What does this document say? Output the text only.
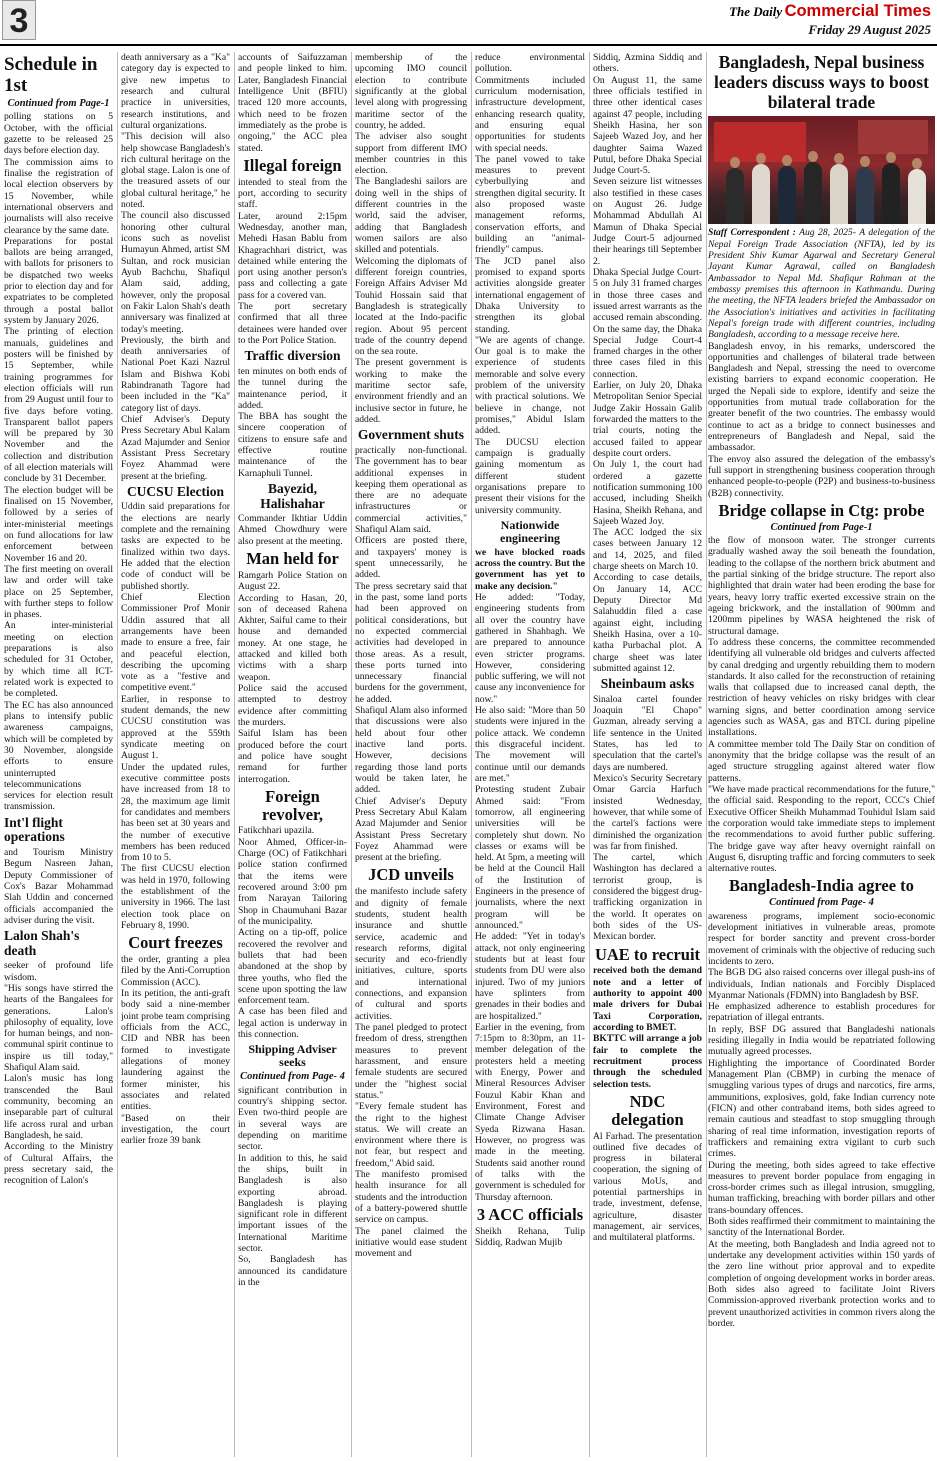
3	The Daily Commercial Times
Friday 29 August 2025
Schedule in 1st
Continued from Page-1

polling stations on 5 October, with the official gazette to be released 25 days before election day.

The commission aims to finalise the registration of local election observers by 15 November, while international observers and journalists will also receive clearance by the same date.

Preparations for postal ballots are being arranged, with ballots for prisoners to be dispatched two weeks prior to election day and for expatriates to be completed through a postal ballot system by January 2026.

The printing of election manuals, guidelines and posters will be finished by 15 September, while training programmes for election officials will run from 29 August until four to five days before voting. Transparent ballot papers will be prepared by 30 November and the collection and distribution of all election materials will conclude by 31 December.

The election budget will be finalised on 15 November, followed by a series of inter-ministerial meetings on fund allocations for law enforcement between November 16 and 20.

The first meeting on overall law and order will take place on 25 September, with further steps to follow in phases.

An inter-ministerial meeting on election preparations is also scheduled for 31 October, by which time all ICT-related work is expected to be completed.

The EC has also announced plans to intensify public awareness campaigns, which will be completed by 30 November, alongside efforts to ensure uninterrupted telecommunications services for election result transmission.

Int'l flight operations

and Tourism Ministry Begum Nasreen Jahan, Deputy Commissioner of Cox's Bazar Mohammad Slah Uddin and concerned officials accompanied the adviser during the visit.

Lalon Shah's death

seeker of profound life wisdom.

"His songs have stirred the hearts of the Bangalees for generations. Lalon's philosophy of equality, love for human beings, and non-communal spirit continue to inspire us till today," Shafiqul Alam said.

Lalon's music has long transcended the Baul community, becoming an inseparable part of cultural life across rural and urban Bangladesh, he said.

According to the Ministry of Cultural Affairs, the press secretary said, the recognition of Lalon's

death anniversary as a "Ka" category day is expected to give new impetus to research and cultural practice in universities, research institutions, and cultural organizations.

"This decision will also help showcase Bangladesh's rich cultural heritage on the global stage. Lalon is one of the treasured assets of our global cultural heritage," he noted.

The council also discussed honoring other cultural icons such as novelist Humayun Ahmed, artist SM Sultan, and rock musician Ayub Bachchu, Shafiqul Alam said, adding, however, only the proposal on Fakir Lalon Shah's death anniversary was finalized at today's meeting.

Previously, the birth and death anniversaries of National Poet Kazi Nazrul Islam and Bishwa Kobi Rabindranath Tagore had been included in the "Ka" category list of days.

Chief Adviser's Deputy Press Secretary Abul Kalam Azad Majumder and Senior Assistant Press Secretary Foyez Ahammad were present at the briefing.

CUCSU Election

Uddin said preparations for the elections are nearly complete and the remaining tasks are expected to be finalized within two days. He added that the election code of conduct will be published shortly.

Chief Election Commissioner Prof Monir Uddin assured that all arrangements have been made to ensure a free, fair and peaceful election, describing the upcoming vote as a "festive and competitive event."

Earlier, in response to student demands, the new CUCSU constitution was approved at the 559th syndicate meeting on August 1.

Under the updated rules, executive committee posts have increased from 18 to 28, the maximum age limit for candidates and members has been set at 30 years and the number of executive members has been reduced from 10 to 5.

The first CUCSU election was held in 1970, following the establishment of the university in 1966. The last election took place on February 8, 1990.

Court freezes

the order, granting a plea filed by the Anti-Corruption Commission (ACC).

In its petition, the anti-graft body said a nine-member joint probe team comprising officials from the ACC, CID and NBR has been formed to investigate allegations of money laundering against the former minister, his associates and related entities.

"Based on their investigation, the court earlier froze 39 bank

accounts of Saifuzzaman and people linked to him. Later, Bangladesh Financial Intelligence Unit (BFIU) traced 120 more accounts, which need to be frozen immediately as the probe is ongoing," the ACC plea stated.

Illegal foreign

intended to steal from the port, according to security staff.

Later, around 2:15pm Wednesday, another man, Mehedi Hasan Bablu from Khagrachhari district, was detained while entering the port using another person's pass and collecting a gate pass for a covered van.

The port secretary confirmed that all three detainees were handed over to the Port Police Station.

Traffic diversion

ten minutes on both ends of the tunnel during the maintenance period, it added.

The BBA has sought the sincere cooperation of citizens to ensure safe and effective routine maintenance of the Karnaphuli Tunnel.

Bayezid, Halishahar

Commander Ikhtiar Uddin Ahmed Chowdhury were also present at the meeting.

Man held for

Ramgarh Police Station on August 22.

According to Hasan, 20, son of deceased Rahena Akhter, Saiful came to their house and demanded money. At one stage, he attacked and killed both victims with a sharp weapon.

Police said the accused attempted to destroy evidence after committing the murders.

Saiful Islam has been produced before the court and police have sought remand for further interrogation.

Foreign revolver,

Fatikchhari upazila.

Noor Ahmed, Officer-in-Charge (OC) of Fatikchhari police station confirmed that the items were recovered around 3:00 pm from Narayan Tailoring Shop in Chaumuhani Bazar of the municipality.

Acting on a tip-off, police recovered the revolver and bullets that had been abandoned at the shop by three youths, who fled the scene upon spotting the law enforcement team.

A case has been filed and legal action is underway in this connection.

Shipping Adviser seeks
Continued from Page- 4

significant contribution in country's shipping sector. Even two-third people are in several ways are depending on maritime sector.

In addition to this, he said the ships, built in Bangladesh is also exporting abroad. Bangladesh is playing significant role in different important issues of the International Maritime sector.

So, Bangladesh has announced its candidature in the

membership of the upcoming IMO council election to contribute significantly at the global level along with progressing maritime sector of the country, he added.

The adviser also sought support from different IMO member countries in this election.

The Bangladeshi sailors are doing well in the ships of different countries in the world, said the adviser, adding that Bangladesh women sailors are also skilled and potentials.

Welcoming the diplomats of different foreign countries, Foreign Affairs Adviser Md Touhid Hossain said that Bangladesh is strategically located at the Indo-pacific region. About 95 percent trade of the country depend on the sea route.

The present government is working to make the maritime sector safe, environment friendly and an inclusive sector in future, he added.

Government shuts

practically non-functional. The government has to bear additional expenses in keeping them operational as there are no adequate infrastructures or commercial activities," Shafiqul Alam said.

Officers are posted there, and taxpayers' money is spent unnecessarily, he added.

The press secretary said that in the past, some land ports had been approved on political considerations, but no expected commercial activities had developed in those areas. As a result, these ports turned into unnecessary financial burdens for the government, he added.

Shafiqul Alam also informed that discussions were also held about four other inactive land ports. However, decisions regarding those land ports would be taken later, he added.

Chief Adviser's Deputy Press Secretary Abul Kalam Azad Majumder and Senior Assistant Press Secretary Foyez Ahammad were present at the briefing.

JCD unveils

the manifesto include safety and dignity of female students, student health insurance and shuttle service, academic and research reforms, digital security and eco-friendly initiatives, culture, sports and international connections, and expansion of cultural and sports activities.

The panel pledged to protect freedom of dress, strengthen measures to prevent harassment, and ensure female students are secured under the "highest social status."

"Every female student has the right to the highest status. We will create an environment where there is not fear, but respect and freedom," Abid said.

The manifesto promised health insurance for all students and the introduction of a battery-powered shuttle service on campus.

The panel claimed the initiative would ease student movement and

reduce environmental pollution.

Commitments included curriculum modernisation, infrastructure development, enhancing research quality, and ensuring equal opportunities for students with special needs.

The panel vowed to take measures to prevent cyberbullying and strengthen digital security. It also proposed waste management reforms, conservation efforts, and building an "animal-friendly" campus.

The JCD panel also promised to expand sports activities alongside greater international engagement of Dhaka University to strengthen its global standing.

"We are agents of change. Our goal is to make the experience of students memorable and solve every problem of the university with practical solutions. We believe in change, not promises," Abidul Islam added.

The DUCSU election campaign is gradually gaining momentum as different student organisations prepare to present their visions for the university community.

Nationwide engineering

we have blocked roads across the country. But the government has yet to make any decision."

He added: "Today, engineering students from all over the country have gathered in Shahbagh. We are prepared to announce even stricter programs. However, considering public suffering, we will not cause any inconvenience for now."

He also said: "More than 50 students were injured in the police attack. We condemn this disgraceful incident. The movement will continue until our demands are met."

Protesting student Zubair Ahmed said: "From tomorrow, all engineering universities will be completely shut down. No classes or exams will be held. At 5pm, a meeting will be held at the Council Hall of the Institution of Engineers in the presence of journalists, where the next program will be announced."

He added: "Yet in today's attack, not only engineering students but at least four students from DU were also injured. Two of my juniors have splinters from grenades in their bodies and are hospitalized."

Earlier in the evening, from 7:15pm to 8:30pm, an 11-member delegation of the protesters held a meeting with Energy, Power and Mineral Resources Adviser Fouzul Kabir Khan and Environment, Forest and Climate Change Adviser Syeda Rizwana Hasan. However, no progress was made in the meeting. Students said another round of talks with the government is scheduled for Thursday afternoon.

3 ACC officials

Sheikh Rehana, Tulip Siddiq, Radwan Mujib

Siddiq, Azmina Siddiq and others.

On August 11, the same three officials testified in three other identical cases against 47 people, including Sheikh Hasina, her son Sajeeb Wazed Joy, and her daughter Saima Wazed Putul, before Dhaka Special Judge Court-5.

Seven seizure list witnesses also testified in these cases on August 26. Judge Mohammad Abdullah Al Mamun of Dhaka Special Judge Court-5 adjourned their hearings till September 2.

Dhaka Special Judge Court-5 on July 31 framed charges in those three cases and issued arrest warrants as the accused remain absconding. On the same day, the Dhaka Special Judge Court-4 framed charges in the other three cases filed in this connection.

Earlier, on July 20, Dhaka Metropolitan Senior Special Judge Zakir Hossain Galib forwarded the matters to the trial courts, noting the accused failed to appear despite court orders.

On July 1, the court had ordered a gazette notification summoning 100 accused, including Sheikh Hasina, Sheikh Rehana, and Sajeeb Wazed Joy.

The ACC lodged the six cases between January 12 and 14, 2025, and filed charge sheets on March 10.

According to case details, On January 14, ACC Deputy Director Md Salahuddin filed a case against eight, including Sheikh Hasina, over a 10-katha Purbachal plot. A charge sheet was later submitted against 12.

Sheinbaum asks

Sinaloa cartel founder Joaquin "El Chapo" Guzman, already serving a life sentence in the United States, has led to speculation that the cartel's days are numbered.

Mexico's Security Secretary Omar Garcia Harfuch insisted Wednesday, however, that while some of the cartel's factions were diminished the organization was far from finished.

The cartel, which Washington has declared a terrorist group, is considered the biggest drug-trafficking organization in the world. It operates on both sides of the US-Mexican border.

UAE to recruit

received both the demand note and a letter of authority to appoint 400 male drivers for Dubai Taxi Corporation, according to BMET.

BKTTC will arrange a job fair to complete the recruitment process through the scheduled selection tests.

NDC delegation

Al Farhad. The presentation outlined five decades of progress in bilateral cooperation, the signing of various MoUs, and potential partnerships in trade, investment, defense, agriculture, disaster management, air services, and multilateral platforms.

Bangladesh, Nepal business leaders discuss ways to boost bilateral trade

Staff Correspondent : Aug 28, 2025- A delegation of the Nepal Foreign Trade Association (NFTA), led by its President Shiv Kumar Agarwal and Secretary General Jayant Kumar Agrawal, called on Bangladesh Ambassador to Nepal Md. Shafiqur Rahman at the embassy premises this afternoon in Kathmandu. During the meeting, the NFTA leaders briefed the Ambassador on the Association's initiatives and activities in facilitating Nepal's foreign trade with different countries, including Bangladesh, according to a message receive here.

Bangladesh envoy, in his remarks, underscored the opportunities and challenges of bilateral trade between Bangladesh and Nepal, stressing the need to overcome existing barriers to expand economic cooperation. He urged the Nepali side to explore, identify and seize the opportunities from mutual trade collaboration for the greater benefit of the two countries. The embassy would continue to act as a bridge to connect businesses and entrepreneurs of Bangladesh and Nepal, said the ambassador.

The envoy also assured the delegation of the embassy's full support in strengthening business cooperation through enhanced people-to-people (P2P) and business-to-business (B2B) connectivity.

Bridge collapse in Ctg: probe
Continued from Page-1

the flow of monsoon water. The stronger currents gradually washed away the soil beneath the foundation, leading to the collapse of the northern brick abutment and the partial sinking of the bridge structure. The report also highlighted that drain water had been eroding the base for years, heavy lorry traffic exerted excessive strain on the ageing brickwork, and the installation of 900mm and 1200mm pipelines by WASA heightened the risk of structural damage.

To address these concerns, the committee recommended identifying all vulnerable old bridges and culverts affected by canal dredging and urgently rebuilding them to modern standards. It also called for the reconstruction of retaining walls that collapsed due to increased canal depth, the restriction of heavy vehicles on risky bridges with clear warning signs, and better coordination among service agencies such as WASA, gas and BTCL during pipeline installations.

A committee member told The Daily Star on condition of anonymity that the bridge collapse was the result of an aged structure struggling against altered water flow patterns.

"We have made practical recommendations for the future," the official said. Responding to the report, CCC's Chief Executive Officer Sheikh Muhammad Touhidul Islam said the corporation would take immediate steps to implement the recommendations to avoid further public suffering. The bridge gave way after heavy overnight rainfall on August 6, disrupting traffic and forcing commuters to seek alternative routes.

Bangladesh-India agree to
Continued from Page- 4

awareness programs, implement socio-economic development initiatives in vulnerable areas, promote respect for border sanctity and prevent cross-border movement of criminals with the objective of reducing such incidents to zero.

The BGB DG also raised concerns over illegal push-ins of individuals, Indian nationals and Forcibly Displaced Myanmar Nationals (FDMN) into Bangladesh by BSF.

He emphasized adherence to establish procedures for repatriation of illegal entrants.

In reply, BSF DG assured that Bangladeshi nationals residing illegally in India would be repatriated following mutually agreed processes.

Highlighting the importance of Coordinated Border Management Plan (CBMP) in curbing the menace of smuggling various types of drugs and narcotics, fire arms, ammunitions, explosives, gold, fake Indian currency note (FICN) and other contraband items, both sides agreed to remain cautious and steadfast to stop smuggling through sharing of real time information, investigation reports of traffickers and remaining extra vigilant to curb such crimes.

During the meeting, both sides agreed to take effective measures to prevent border populace from engaging in cross-border crimes such as illegal intrusion, smuggling, human trafficking, breaching with border pillars and other trans-boundary offences.

Both sides reaffirmed their commitment to maintaining the sanctity of the International Border.

At the meeting, both Bangladesh and India agreed not to undertake any development activities within 150 yards of the zero line without prior approval and to expedite completion of ongoing development works in border areas.

Both sides also agreed to facilitate Joint Rivers Commission-approved riverbank protection works and to prevent unauthorized activities in common rivers along the border.
